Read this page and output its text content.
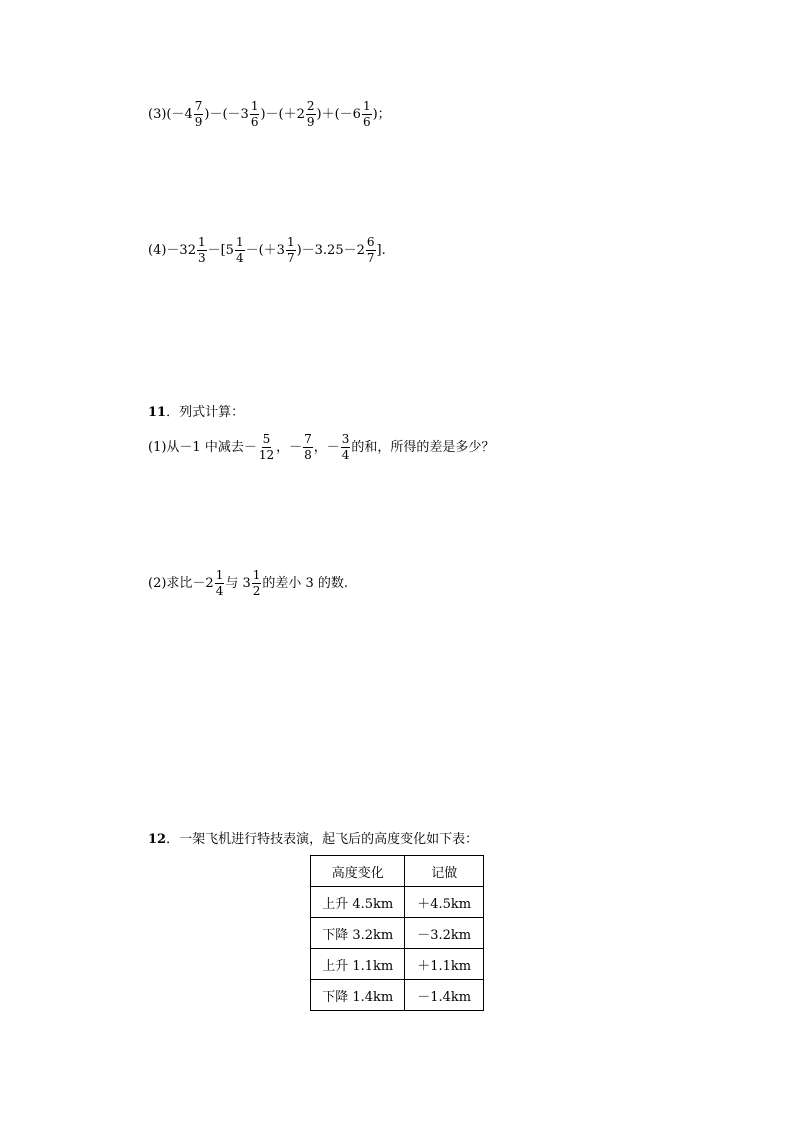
(3) $(-4 \frac{7}{9} )-(-3 \frac{1}{6} )-(+2 \frac{2}{9} )+(-6 \frac{1}{6}$ )；
$(4) -32 \frac{1}{3} -[5 \frac{1}{4} -(+3 \frac{1}{7} )-3.25-2 \frac{6}{7}$ ].
11 ．列式计算：
(1) 从－1 中减去－ $\frac{5}{12}$ ，－ $\frac{7}{8}$ ，－ $\frac{3}{4}$ 的和，所得的差是多少？
(2) 求比$-2 \frac{1}{4}$ 与 $3 \frac{1}{2}$ 的差小 3 的数.
12 ．一架飞机进行特技表演，起飞后的高度变化如下表：
高度变化	记做
上升 4.5km	＋4.5km
下降 3.2km	－3.2km
上升 1.1km	＋1.1km
下降 1.4km	－1.4km
